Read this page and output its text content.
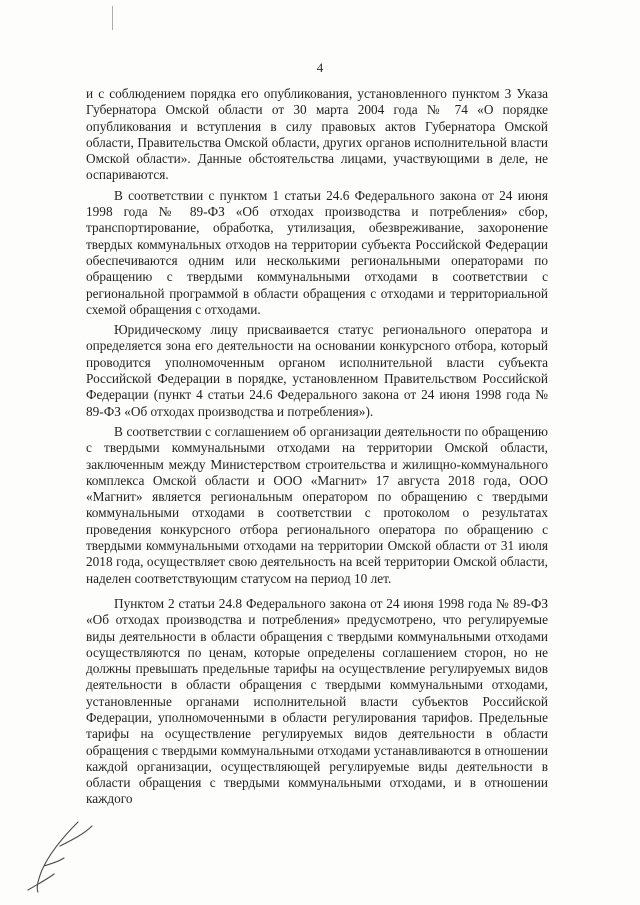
4

и с соблюдением порядка его опубликования, установленного пунктом 3 Указа Губернатора Омской области от 30 марта 2004 года № 74 «О порядке опубликования и вступления в силу правовых актов Губернатора Омской области, Правительства Омской области, других органов исполнительной власти Омской области». Данные обстоятельства лицами, участвующими в деле, не оспариваются.

В соответствии с пунктом 1 статьи 24.6 Федерального закона от 24 июня 1998 года № 89-ФЗ «Об отходах производства и потребления» сбор, транспортирование, обработка, утилизация, обезвреживание, захоронение твердых коммунальных отходов на территории субъекта Российской Федерации обеспечиваются одним или несколькими региональными операторами по обращению с твердыми коммунальными отходами в соответствии с региональной программой в области обращения с отходами и территориальной схемой обращения с отходами.

Юридическому лицу присваивается статус регионального оператора и определяется зона его деятельности на основании конкурсного отбора, который проводится уполномоченным органом исполнительной власти субъекта Российской Федерации в порядке, установленном Правительством Российской Федерации (пункт 4 статьи 24.6 Федерального закона от 24 июня 1998 года № 89-ФЗ «Об отходах производства и потребления»).

В соответствии с соглашением об организации деятельности по обращению с твердыми коммунальными отходами на территории Омской области, заключенным между Министерством строительства и жилищно-коммунального комплекса Омской области и ООО «Магнит» 17 августа 2018 года, ООО «Магнит» является региональным оператором по обращению с твердыми коммунальными отходами в соответствии с протоколом о результатах проведения конкурсного отбора регионального оператора по обращению с твердыми коммунальными отходами на территории Омской области от 31 июля 2018 года, осуществляет свою деятельность на всей территории Омской области, наделен соответствующим статусом на период 10 лет.

Пунктом 2 статьи 24.8 Федерального закона от 24 июня 1998 года № 89-ФЗ «Об отходах производства и потребления» предусмотрено, что регулируемые виды деятельности в области обращения с твердыми коммунальными отходами осуществляются по ценам, которые определены соглашением сторон, но не должны превышать предельные тарифы на осуществление регулируемых видов деятельности в области обращения с твердыми коммунальными отходами, установленные органами исполнительной власти субъектов Российской Федерации, уполномоченными в области регулирования тарифов. Предельные тарифы на осуществление регулируемых видов деятельности в области обращения с твердыми коммунальными отходами устанавливаются в отношении каждой организации, осуществляющей регулируемые виды деятельности в области обращения с твердыми коммунальными отходами, и в отношении каждого
